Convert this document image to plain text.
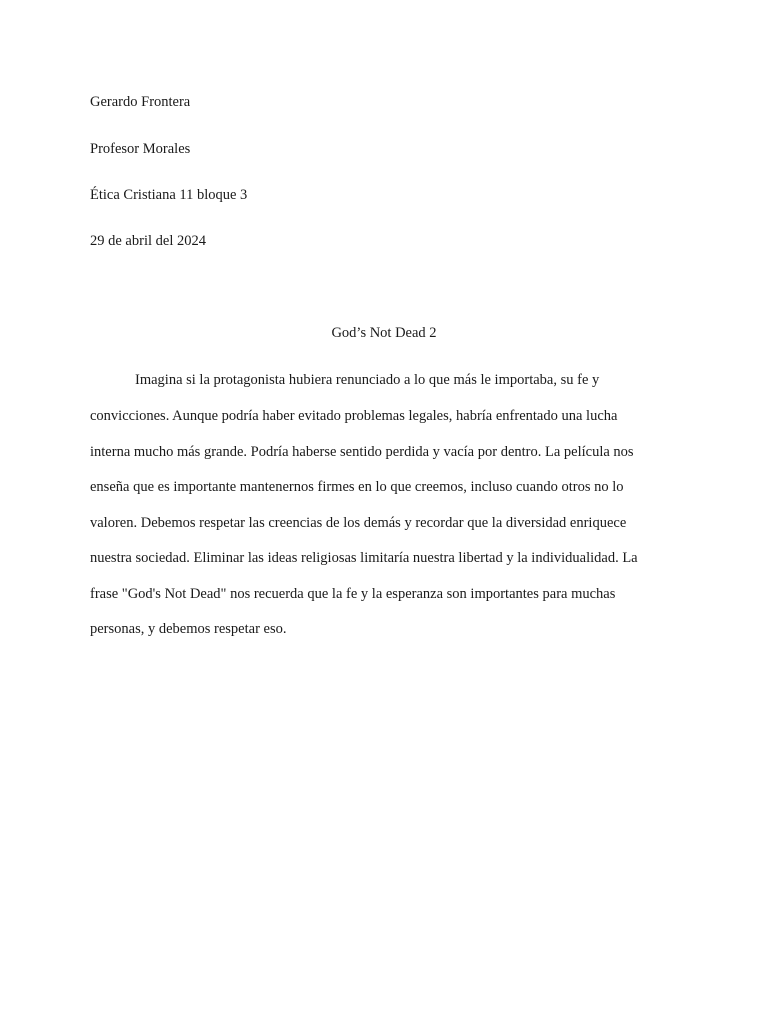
Gerardo Frontera
Profesor Morales
Ética Cristiana 11 bloque 3
29 de abril del 2024
God’s Not Dead 2
Imagina si la protagonista hubiera renunciado a lo que más le importaba, su fe y
convicciones. Aunque podría haber evitado problemas legales, habría enfrentado una lucha
interna mucho más grande. Podría haberse sentido perdida y vacía por dentro. La película nos
enseña que es importante mantenernos firmes en lo que creemos, incluso cuando otros no lo
valoren. Debemos respetar las creencias de los demás y recordar que la diversidad enriquece
nuestra sociedad. Eliminar las ideas religiosas limitaría nuestra libertad y la individualidad. La
frase "God's Not Dead" nos recuerda que la fe y la esperanza son importantes para muchas
personas, y debemos respetar eso.
